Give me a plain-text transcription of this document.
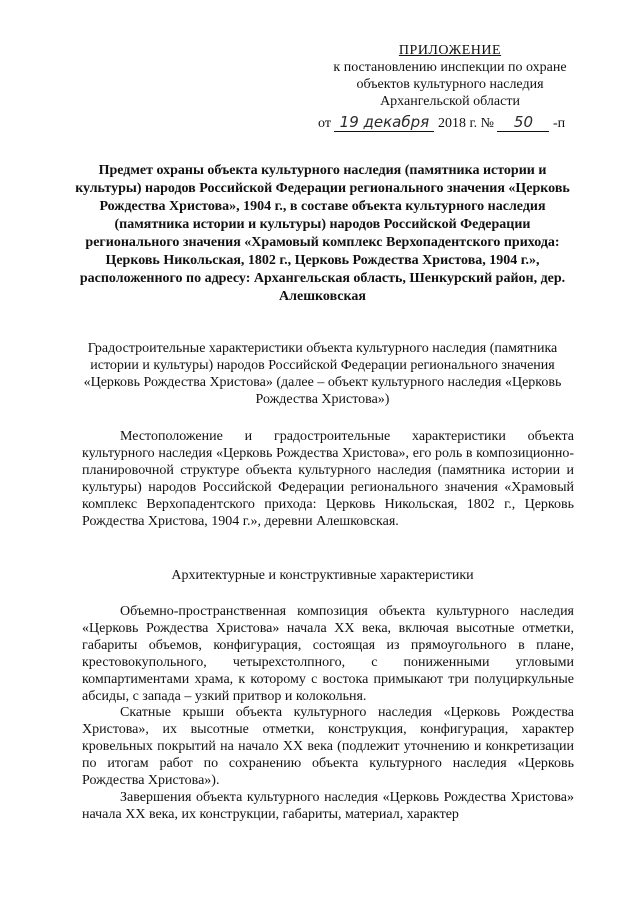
ПРИЛОЖЕНИЕ
к постановлению инспекции по охране
объектов культурного наследия
Архангельской области
от 19 декабря 2018 г. № 50 -п
Предмет охраны объекта культурного наследия (памятника истории и культуры) народов Российской Федерации регионального значения «Церковь Рождества Христова», 1904 г., в составе объекта культурного наследия (памятника истории и культуры) народов Российской Федерации регионального значения «Храмовый комплекс Верхопадентского прихода: Церковь Никольская, 1802 г., Церковь Рождества Христова, 1904 г.», расположенного по адресу: Архангельская область, Шенкурский район, дер. Алешковская
Градостроительные характеристики объекта культурного наследия (памятника истории и культуры) народов Российской Федерации регионального значения «Церковь Рождества Христова» (далее – объект культурного наследия «Церковь Рождества Христова»)

Местоположение и градостроительные характеристики объекта культурного наследия «Церковь Рождества Христова», его роль в композиционно-планировочной структуре объекта культурного наследия (памятника истории и культуры) народов Российской Федерации регионального значения «Храмовый комплекс Верхопадентского прихода: Церковь Никольская, 1802 г., Церковь Рождества Христова, 1904 г.», деревни Алешковская.

Архитектурные и конструктивные характеристики

Объемно-пространственная композиция объекта культурного наследия «Церковь Рождества Христова» начала XX века, включая высотные отметки, габариты объемов, конфигурация, состоящая из прямоугольного в плане, крестовокупольного, четырехстолпного, с пониженными угловыми компартиментами храма, к которому с востока примыкают три полуциркульные абсиды, с запада – узкий притвор и колокольня.

Скатные крыши объекта культурного наследия «Церковь Рождества Христова», их высотные отметки, конструкция, конфигурация, характер кровельных покрытий на начало XX века (подлежит уточнению и конкретизации по итогам работ по сохранению объекта культурного наследия «Церковь Рождества Христова»).

Завершения объекта культурного наследия «Церковь Рождества Христова» начала XX века, их конструкции, габариты, материал, характер
